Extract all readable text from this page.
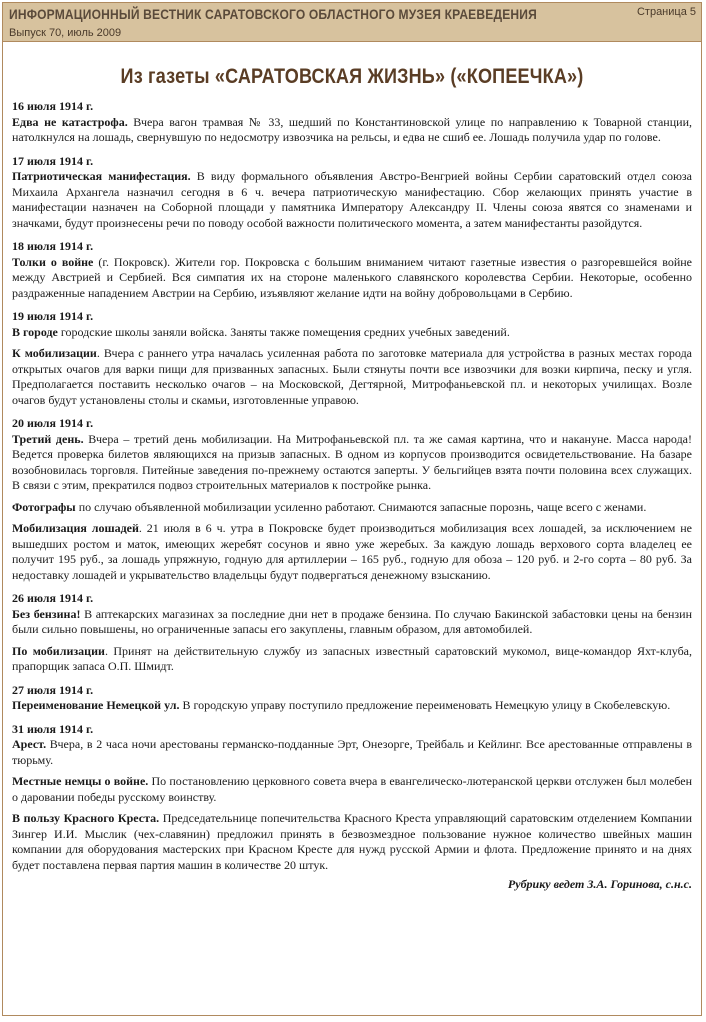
ИНФОРМАЦИОННЫЙ ВЕСТНИК САРАТОВСКОГО ОБЛАСТНОГО МУЗЕЯ КРАЕВЕДЕНИЯ
Выпуск 70, июль 2009
Страница 5
Из газеты «САРАТОВСКАЯ ЖИЗНЬ» («КОПЕЕЧКА»)
16 июля 1914 г.

Едва не катастрофа. Вчера вагон трамвая № 33, шедший по Константиновской улице по направлению к Товарной станции, натолкнулся на лошадь, свернувшую по недосмотру извозчика на рельсы, и едва не сшиб ее. Лошадь получила удар по голове.

17 июля 1914 г.

Патриотическая манифестация. В виду формального объявления Австро-Венгрией войны Сербии саратовский отдел союза Михаила Архангела назначил сегодня в 6 ч. вечера патриотическую манифестацию. Сбор желающих принять участие в манифестации назначен на Соборной площади у памятника Императору Александру II. Члены союза явятся со знаменами и значками, будут произнесены речи по поводу особой важности политического момента, а затем манифестанты разойдутся.

18 июля 1914 г.

Толки о войне (г. Покровск). Жители гор. Покровска с большим вниманием читают газетные известия о разгоревшейся войне между Австрией и Сербией. Вся симпатия их на стороне маленького славянского королевства Сербии. Некоторые, особенно раздраженные нападением Австрии на Сербию, изъявляют желание идти на войну добровольцами в Сербию.

19 июля 1914 г.

В городе городские школы заняли войска. Заняты также помещения средних учебных заведений.

К мобилизации. Вчера с раннего утра началась усиленная работа по заготовке материала для устройства в разных местах города открытых очагов для варки пищи для призванных запасных. Были стянуты почти все извозчики для возки кирпича, песку и угля. Предполагается поставить несколько очагов – на Московской, Дегтярной, Митрофаньевской пл. и некоторых училищах. Возле очагов будут установлены столы и скамьи, изготовленные управою.

20 июля 1914 г.

Третий день. Вчера – третий день мобилизации. На Митрофаньевской пл. та же самая картина, что и накануне. Масса народа! Ведется проверка билетов являющихся на призыв запасных. В одном из корпусов производится освидетельствование. На базаре возобновилась торговля. Питейные заведения по-прежнему остаются заперты. У бельгийцев взята почти половина всех служащих. В связи с этим, прекратился подвоз строительных материалов к постройке рынка.

Фотографы по случаю объявленной мобилизации усиленно работают. Снимаются запасные порознь, чаще всего с женами.

Мобилизация лошадей. 21 июля в 6 ч. утра в Покровске будет производиться мобилизация всех лошадей, за исключением не вышедших ростом и маток, имеющих жеребят сосунов и явно уже жеребых. За каждую лошадь верхового сорта владелец ее получит 195 руб., за лошадь упряжную, годную для артиллерии – 165 руб., годную для обоза – 120 руб. и 2-го сорта – 80 руб. За недоставку лошадей и укрывательство владельцы будут подвергаться денежному взысканию.

26 июля 1914 г.

Без бензина! В аптекарских магазинах за последние дни нет в продаже бензина. По случаю Бакинской забастовки цены на бензин были сильно повышены, но ограниченные запасы его закуплены, главным образом, для автомобилей.

По мобилизации. Принят на действительную службу из запасных известный саратовский мукомол, вице-командор Яхт-клуба, прапорщик запаса О.П. Шмидт.

27 июля 1914 г.

Переименование Немецкой ул. В городскую управу поступило предложение переименовать Немецкую улицу в Скобелевскую.

31 июля 1914 г.

Арест. Вчера, в 2 часа ночи арестованы германско-подданные Эрт, Онезорге, Трейбаль и Кейлинг. Все арестованные отправлены в тюрьму.

Местные немцы о войне. По постановлению церковного совета вчера в евангелическо-лютеранской церкви отслужен был молебен о даровании победы русскому воинству.

В пользу Красного Креста. Председательнице попечительства Красного Креста управляющий саратовским отделением Компании Зингер И.И. Мыслик (чех-славянин) предложил принять в безвозмездное пользование нужное количество швейных машин компании для оборудования мастерских при Красном Кресте для нужд русской Армии и флота. Предложение принято и на днях будет поставлена первая партия машин в количестве 20 штук.

Рубрику ведет З.А. Горинова, с.н.с.
